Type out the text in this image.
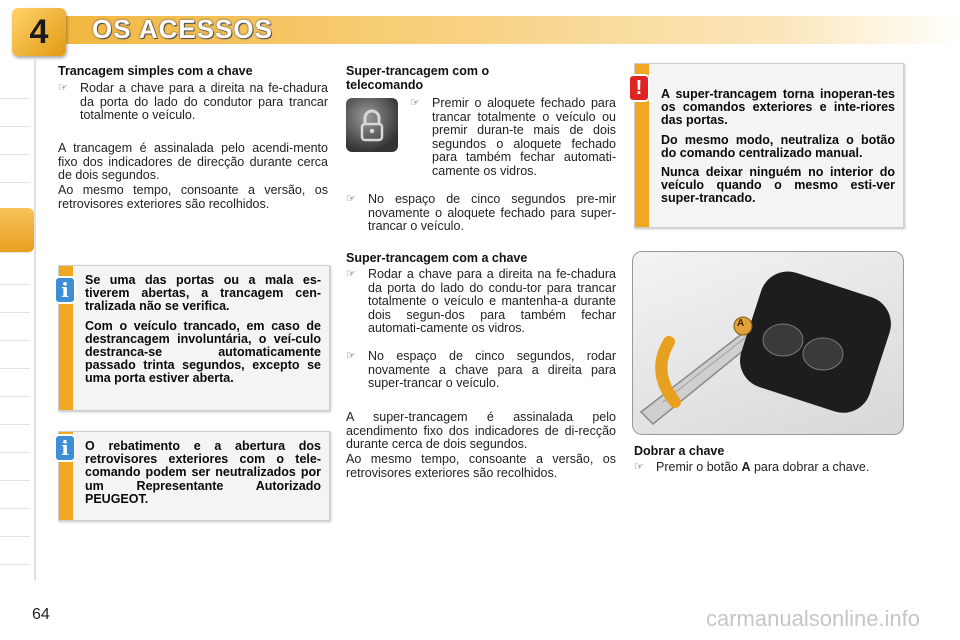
4	OS ACESSOS
Trancagem simples com a chave
☞ Rodar a chave para a direita na fe-chadura da porta do lado do condutor para trancar totalmente o veículo.
A trancagem é assinalada pelo acendi-mento fixo dos indicadores de direcção durante cerca de dois segundos.
Ao mesmo tempo, consoante a versão, os retrovisores exteriores são recolhidos.

Se uma das portas ou a mala es-tiverem abertas, a trancagem cen-tralizada não se verifica.

Com o veículo trancado, em caso de destrancagem involuntária, o veí-culo destranca-se automaticamente passado trinta segundos, excepto se uma porta estiver aberta.

i

O rebatimento e a abertura dos retrovisores exteriores com o tele-comando podem ser neutralizados por um Representante Autorizado PEUGEOT.

i
Super-trancagem com o telecomando
☞ Premir o aloquete fechado para trancar totalmente o veículo ou premir duran-te mais de dois segundos o aloquete fechado para também fechar automati-camente os vidros.
☞ No espaço de cinco segundos pre-mir novamente o aloquete fechado para super-trancar o veículo.
Super-trancagem com a chave
☞ Rodar a chave para a direita na fe-chadura da porta do lado do condu-tor para trancar totalmente o veículo e mantenha-a durante dois segun-dos para também fechar automati-camente os vidros.
☞ No espaço de cinco segundos, rodar novamente a chave para a direita para super-trancar o veículo.
A super-trancagem é assinalada pelo acendimento fixo dos indicadores de di-recção durante cerca de dois segundos.
Ao mesmo tempo, consoante a versão, os retrovisores exteriores são recolhidos.

A super-trancagem torna inoperan-tes os comandos exteriores e inte-riores das portas.

Do mesmo modo, neutraliza o botão do comando centralizado manual.

Nunca deixar ninguém no interior do veículo quando o mesmo esti-ver super-trancado.

!
A
Dobrar a chave
☞ Premir o botão A para dobrar a chave.
64	carmanualsonline.info
